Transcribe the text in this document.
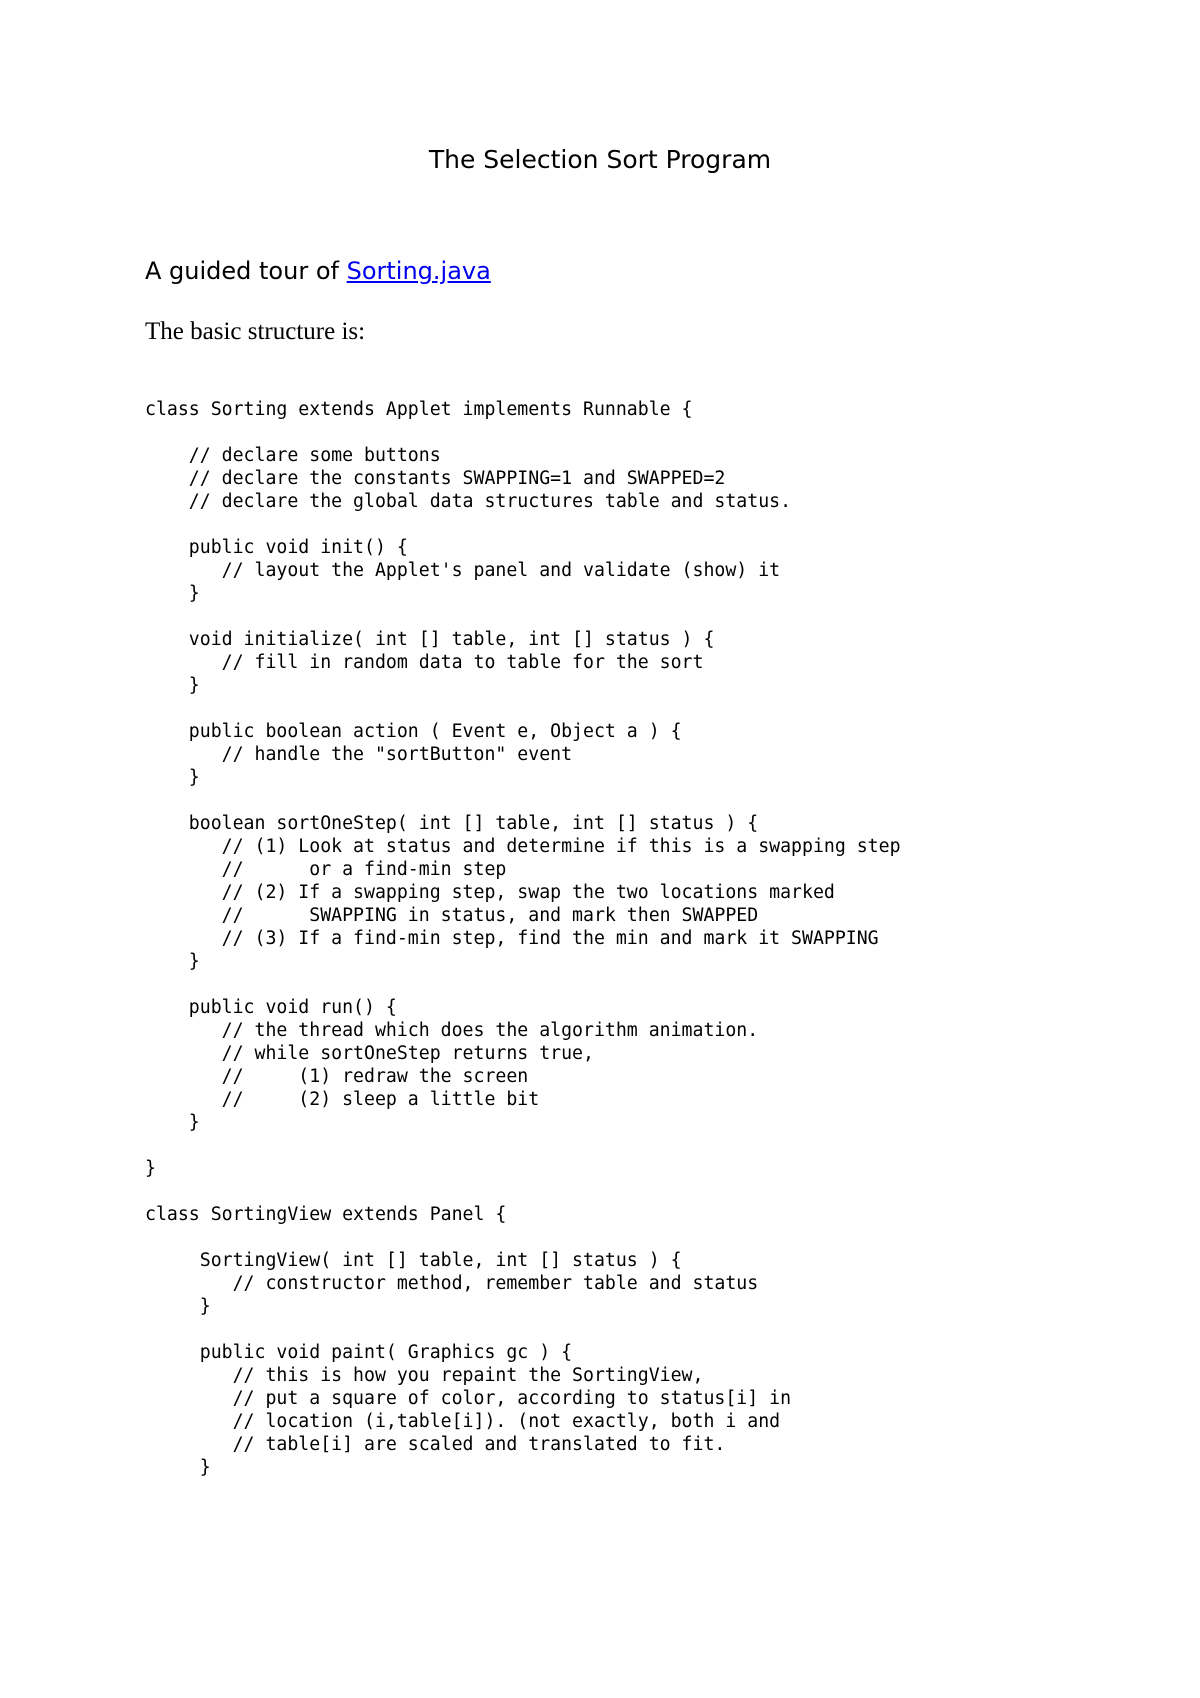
The Selection Sort Program
A guided tour of Sorting.java
The basic structure is:
class Sorting extends Applet implements Runnable {
// declare some buttons
// declare the constants SWAPPING=1 and SWAPPED=2
// declare the global data structures table and status.
public void init() {
// layout the Applet's panel and validate (show) it
}
void initialize( int [] table, int [] status ) {
// fill in random data to table for the sort
}
public boolean action ( Event e, Object a ) {
// handle the "sortButton" event
}
boolean sortOneStep( int [] table, int [] status ) {
// (1) Look at status and determine if this is a swapping step
//      or a find-min step
// (2) If a swapping step, swap the two locations marked
//      SWAPPING in status, and mark then SWAPPED
// (3) If a find-min step, find the min and mark it SWAPPING
}
public void run() {
// the thread which does the algorithm animation.
// while sortOneStep returns true,
//     (1) redraw the screen
//     (2) sleep a little bit
}
}
class SortingView extends Panel {
SortingView( int [] table, int [] status ) {
// constructor method, remember table and status
}
public void paint( Graphics gc ) {
// this is how you repaint the SortingView,
// put a square of color, according to status[i] in
// location (i,table[i]). (not exactly, both i and
// table[i] are scaled and translated to fit.
}
